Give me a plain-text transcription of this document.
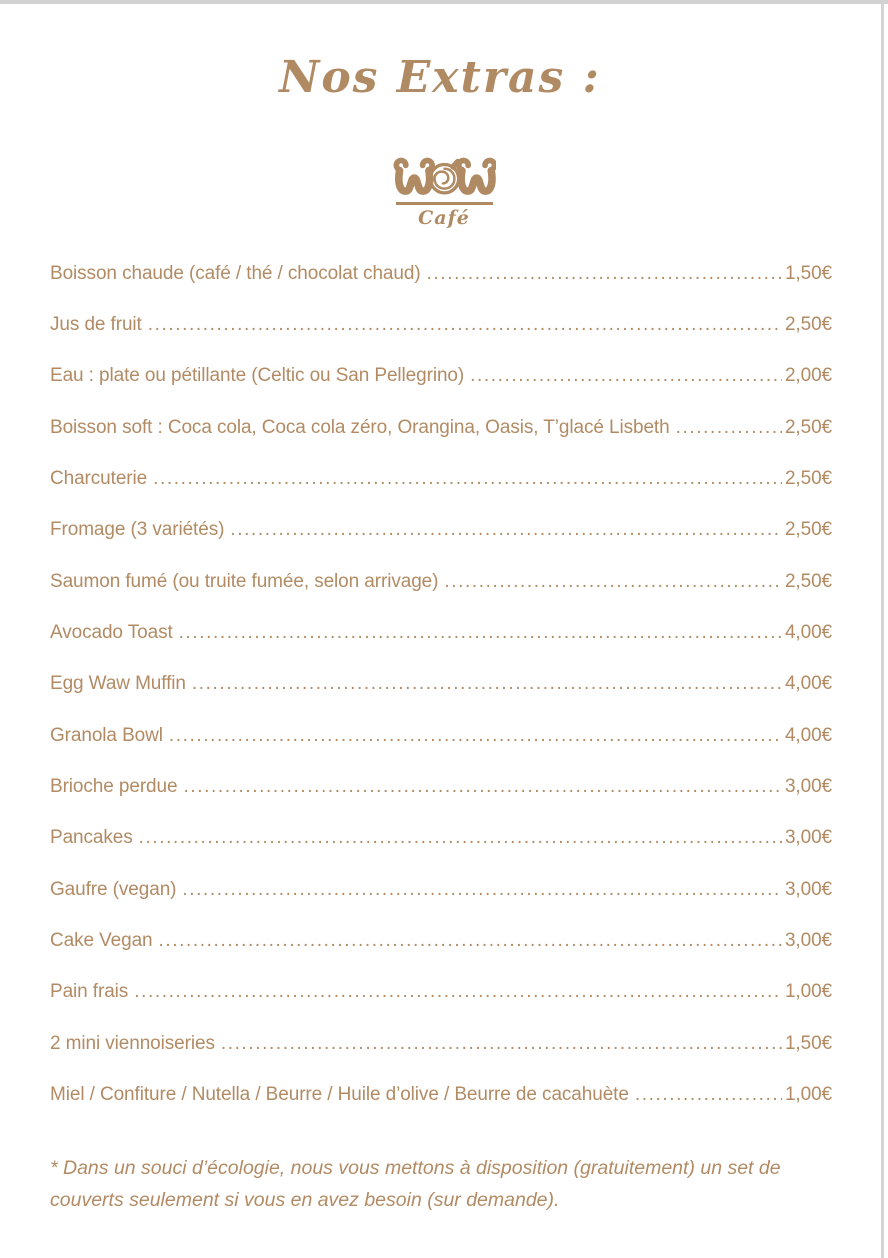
Nos Extras :
Café
Boisson chaude (café / thé / chocolat chaud) .....	1,50€
Jus de fruit .....	2,50€
Eau : plate ou pétillante (Celtic ou San Pellegrino) .....	2,00€
Boisson soft : Coca cola, Coca cola zéro, Orangina, Oasis, T’glacé Lisbeth .....	2,50€
Charcuterie .....	2,50€
Fromage (3 variétés) .....	2,50€
Saumon fumé (ou truite fumée, selon arrivage) .....	2,50€
Avocado Toast .....	4,00€
Egg Waw Muffin .....	4,00€
Granola Bowl .....	4,00€
Brioche perdue .....	3,00€
Pancakes .....	3,00€
Gaufre (vegan) .....	3,00€
Cake Vegan .....	3,00€
Pain frais .....	1,00€
2 mini viennoiseries .....	1,50€
Miel / Confiture / Nutella / Beurre / Huile d’olive / Beurre de cacahuète .....	1,00€

* Dans un souci d’écologie, nous vous mettons à disposition (gratuitement) un set de
couverts seulement si vous en avez besoin (sur demande).
